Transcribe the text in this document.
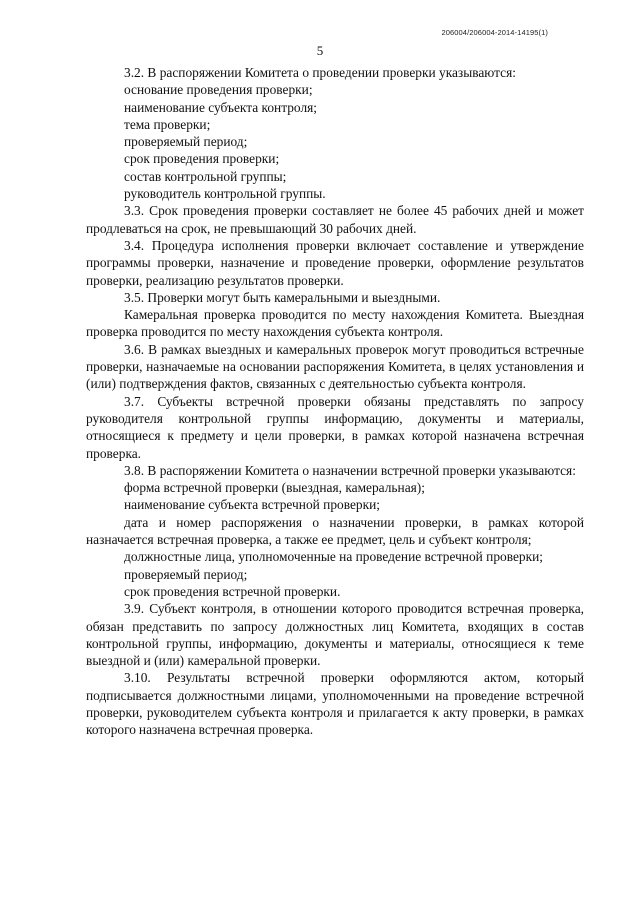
206004/206004-2014-14195(1)
5

3.2. В распоряжении Комитета о проведении проверки указываются:

основание проведения проверки;

наименование субъекта контроля;

тема проверки;

проверяемый период;

срок проведения проверки;

состав контрольной группы;

руководитель контрольной группы.

3.3. Срок проведения проверки составляет не более 45 рабочих дней и может продлеваться на срок, не превышающий 30 рабочих дней.

3.4. Процедура исполнения проверки включает составление и утверждение программы проверки, назначение и проведение проверки, оформление результатов проверки, реализацию результатов проверки.

3.5. Проверки могут быть камеральными и выездными.

Камеральная проверка проводится по месту нахождения Комитета. Выездная проверка проводится по месту нахождения субъекта контроля.

3.6. В рамках выездных и камеральных проверок могут проводиться встречные проверки, назначаемые на основании распоряжения Комитета, в целях установления и (или) подтверждения фактов, связанных с деятельностью субъекта контроля.

3.7. Субъекты встречной проверки обязаны представлять по запросу руководителя контрольной группы информацию, документы и материалы, относящиеся к предмету и цели проверки, в рамках которой назначена встречная проверка.

3.8. В распоряжении Комитета о назначении встречной проверки указываются:

форма встречной проверки (выездная, камеральная);

наименование субъекта встречной проверки;

дата и номер распоряжения о назначении проверки, в рамках которой назначается встречная проверка, а также ее предмет, цель и субъект контроля;

должностные лица, уполномоченные на проведение встречной проверки;

проверяемый период;

срок проведения встречной проверки.

3.9. Субъект контроля, в отношении которого проводится встречная проверка, обязан представить по запросу должностных лиц Комитета, входящих в состав контрольной группы, информацию, документы и материалы, относящиеся к теме выездной и (или) камеральной проверки.

3.10. Результаты встречной проверки оформляются актом, который подписывается должностными лицами, уполномоченными на проведение встречной проверки, руководителем субъекта контроля и прилагается к акту проверки, в рамках которого назначена встречная проверка.
